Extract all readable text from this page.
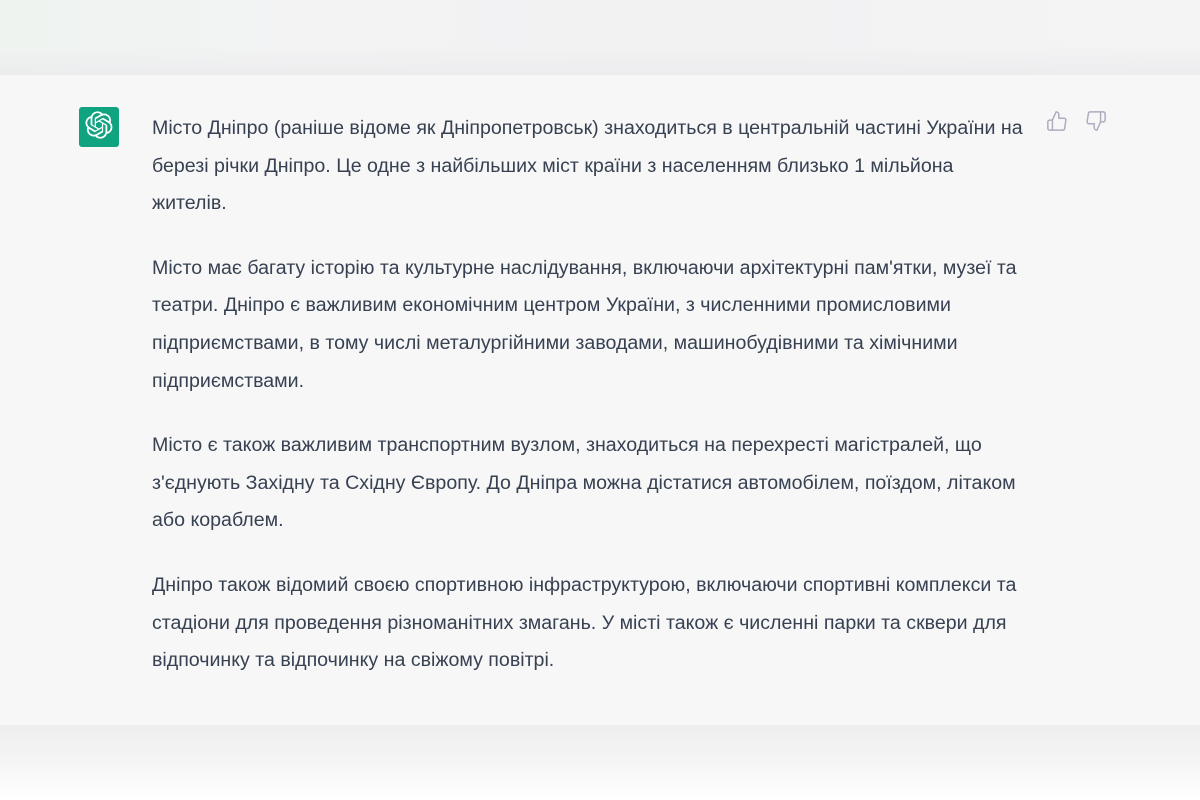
Місто Дніпро (раніше відоме як Дніпропетровськ) знаходиться в центральній частині України на березі річки Дніпро. Це одне з найбільших міст країни з населенням близько 1 мільйона жителів.

Місто має багату історію та культурне наслідування, включаючи архітектурні пам'ятки, музеї та театри. Дніпро є важливим економічним центром України, з численними промисловими підприємствами, в тому числі металургійними заводами, машинобудівними та хімічними підприємствами.

Місто є також важливим транспортним вузлом, знаходиться на перехресті магістралей, що з'єднують Західну та Східну Європу. До Дніпра можна дістатися автомобілем, поїздом, літаком або кораблем.

Дніпро також відомий своєю спортивною інфраструктурою, включаючи спортивні комплекси та стадіони для проведення різноманітних змагань. У місті також є численні парки та сквери для відпочинку та відпочинку на свіжому повітрі.
